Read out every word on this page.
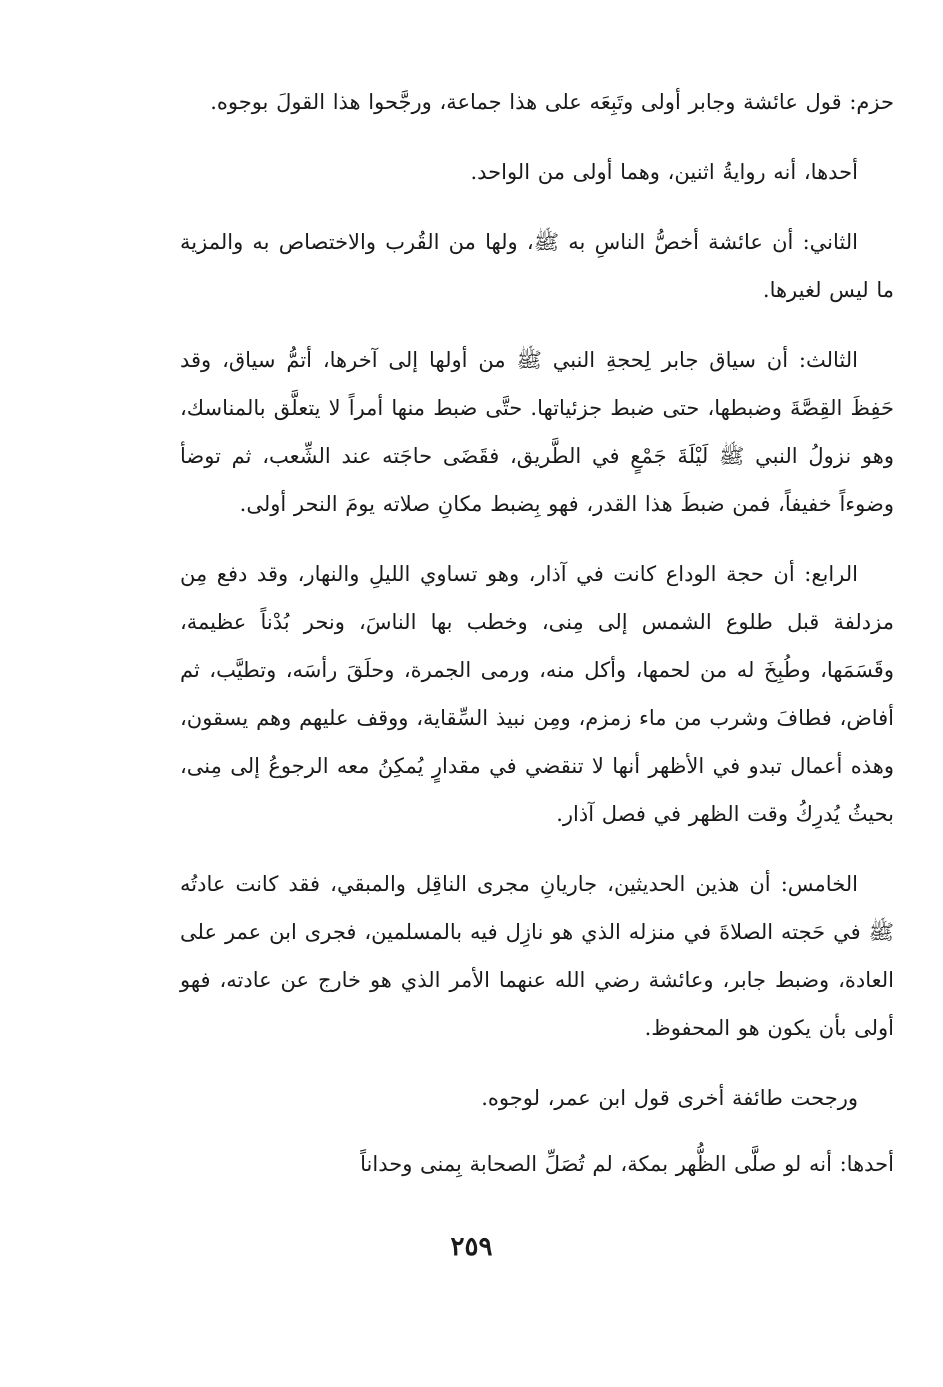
حزم: قول عائشة وجابر أولى وتَبِعَه على هذا جماعة، ورجَّحوا هذا القولَ بوجوه.

أحدها، أنه روايةُ اثنين، وهما أولى من الواحد.

الثاني: أن عائشة أخصُّ الناسِ به ﷺ، ولها من القُرب والاختصاص به والمزية ما ليس لغيرها.

الثالث: أن سياق جابر لِحجةِ النبي ﷺ من أولها إلى آخرها، أتمُّ سياق، وقد حَفِظَ القِصَّةَ وضبطها، حتى ضبط جزئياتها. حتَّى ضبط منها أمراً لا يتعلَّق بالمناسك، وهو نزولُ النبي ﷺ لَيْلَةَ جَمْعٍ في الطَّريق، فقَضَى حاجَته عند الشِّعب، ثم توضأ وضوءاً خفيفاً، فمن ضبطَ هذا القدر، فهو بِضبط مكانِ صلاته يومَ النحر أولى.

الرابع: أن حجة الوداع كانت في آذار، وهو تساوي الليلِ والنهار، وقد دفع مِن مزدلفة قبل طلوع الشمس إلى مِنى، وخطب بها الناسَ، ونحر بُدْناً عظيمة، وقَسَمَها، وطُبِخَ له من لحمها، وأكل منه، ورمى الجمرة، وحلَقَ رأسَه، وتطيَّب، ثم أفاض، فطافَ وشرب من ماء زمزم، ومِن نبيذ السِّقاية، ووقف عليهم وهم يسقون، وهذه أعمال تبدو في الأظهر أنها لا تنقضي في مقدارٍ يُمكِنُ معه الرجوعُ إلى مِنى، بحيثُ يُدرِكُ وقت الظهر في فصل آذار.

الخامس: أن هذين الحديثين، جاريانِ مجرى الناقِل والمبقي، فقد كانت عادتُه ﷺ في حَجته الصلاةَ في منزله الذي هو نازِل فيه بالمسلمين، فجرى ابن عمر على العادة، وضبط جابر، وعائشة رضي الله عنهما الأمر الذي هو خارج عن عادته، فهو أولى بأن يكون هو المحفوظ.

ورجحت طائفة أخرى قول ابن عمر، لوجوه.

أحدها: أنه لو صلَّى الظُّهر بمكة، لم تُصَلِّ الصحابة بِمنى وحداناً

٢٥٩
